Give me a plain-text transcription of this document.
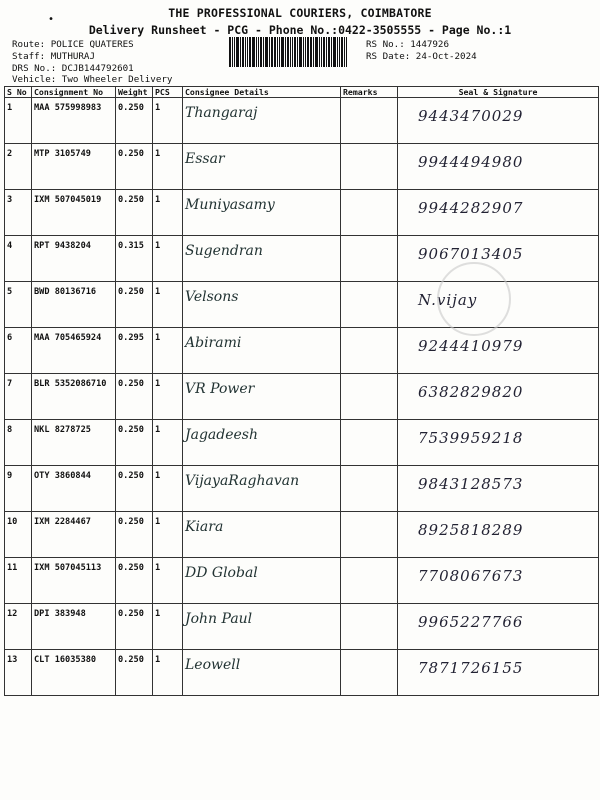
•	THE PROFESSIONAL COURIERS, COIMBATORE
Delivery Runsheet - PCG - Phone No.:0422-3505555 - Page No.:1
Route: POLICE QUATERES
Staff: MUTHURAJ
DRS No.: DCJB144792601
Vehicle: Two Wheeler Delivery
RS No.: 1447926
RS Date: 24-Oct-2024
S No	Consignment No	Weight	PCS	Consignee Details	Remarks	Seal & Signature
1	MAA 575998983	0.250	1	Thangaraj		9443470029

2	MTP 3105749	0.250	1	Essar		9944494980

3	IXM 507045019	0.250	1	Muniyasamy		9944282907

4	RPT 9438204	0.315	1	Sugendran		9067013405

5	BWD 80136716	0.250	1	Velsons		N.vijay

6	MAA 705465924	0.295	1	Abirami		9244410979

7	BLR 5352086710	0.250	1	VR Power		6382829820

8	NKL 8278725	0.250	1	Jagadeesh		7539959218

9	OTY 3860844	0.250	1	VijayaRaghavan		9843128573

10	IXM 2284467	0.250	1	Kiara		8925818289

11	IXM 507045113	0.250	1	DD Global		7708067673

12	DPI 383948	0.250	1	John Paul		9965227766

13	CLT 16035380	0.250	1	Leowell		7871726155
